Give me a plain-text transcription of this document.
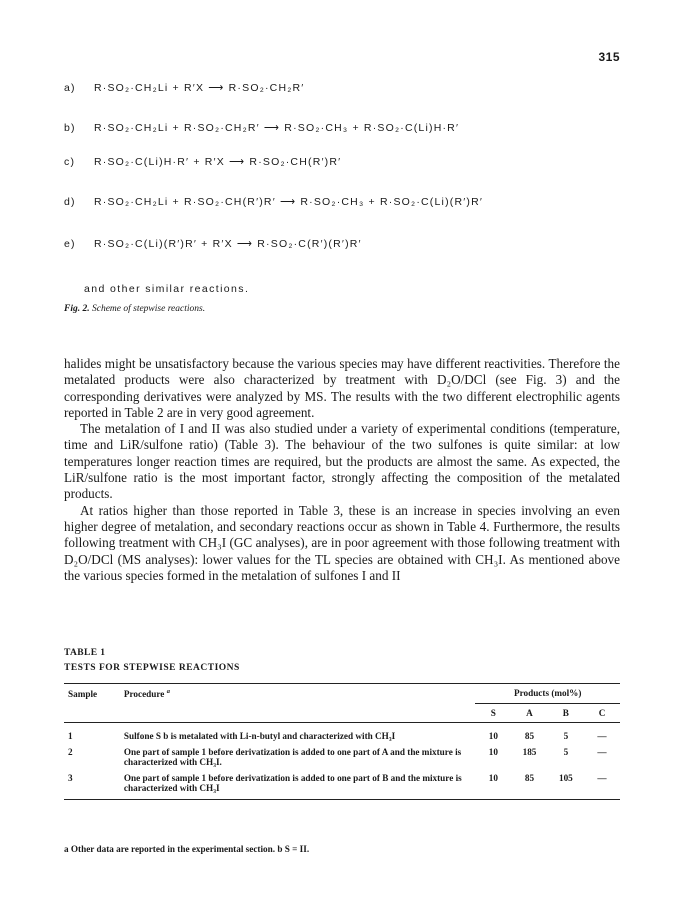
315
a) R·SO₂·CH₂Li + R′X ⟶ R·SO₂·CH₂R′
b) R·SO₂·CH₂Li + R·SO₂·CH₂R′ ⟶ R·SO₂·CH₃ + R·SO₂·C(Li)H·R′
c) R·SO₂·C(Li)H·R′ + R′X ⟶ R·SO₂·CH(R′)R′
d) R·SO₂·CH₂Li + R·SO₂·CH(R′)R′ ⟶ R·SO₂·CH₃ + R·SO₂·C(Li)(R′)R′
e) R·SO₂·C(Li)(R′)R′ + R′X ⟶ R·SO₂·C(R′)(R′)R′
and other similar reactions.
Fig. 2. Scheme of stepwise reactions.

halides might be unsatisfactory because the various species may have different reactivities. Therefore the metalated products were also characterized by treatment with D₂O/DCl (see Fig. 3) and the corresponding derivatives were analyzed by MS. The results with the two different electrophilic agents reported in Table 2 are in very good agreement.

The metalation of I and II was also studied under a variety of experimental conditions (temperature, time and LiR/sulfone ratio) (Table 3). The behaviour of the two sulfones is quite similar: at low temperatures longer reaction times are required, but the products are almost the same. As expected, the LiR/sulfone ratio is the most important factor, strongly affecting the composition of the metalated products.

At ratios higher than those reported in Table 3, these is an increase in species involving an even higher degree of metalation, and secondary reactions occur as shown in Table 4. Furthermore, the results following treatment with CH₃I (GC analyses), are in poor agreement with those following treatment with D₂O/DCl (MS analyses): lower values for the TL species are obtained with CH₃I. As mentioned above the various species formed in the metalation of sulfones I and II

TABLE 1
TESTS FOR STEPWISE REACTIONS
Sample	Procedure $^a$	Products (mol%)			
		S	A	B	C
1	Sulfone S b is metalated with Li-n-butyl and characterized with CH₃I	10	85	5	—
2	One part of sample 1 before derivatization is added to one part of A and the mixture is characterized with CH₃I.	10	185	5	—
3	One part of sample 1 before derivatization is added to one part of B and the mixture is characterized with CH₃I	10	85	105	—
a Other data are reported in the experimental section. b S = II.
